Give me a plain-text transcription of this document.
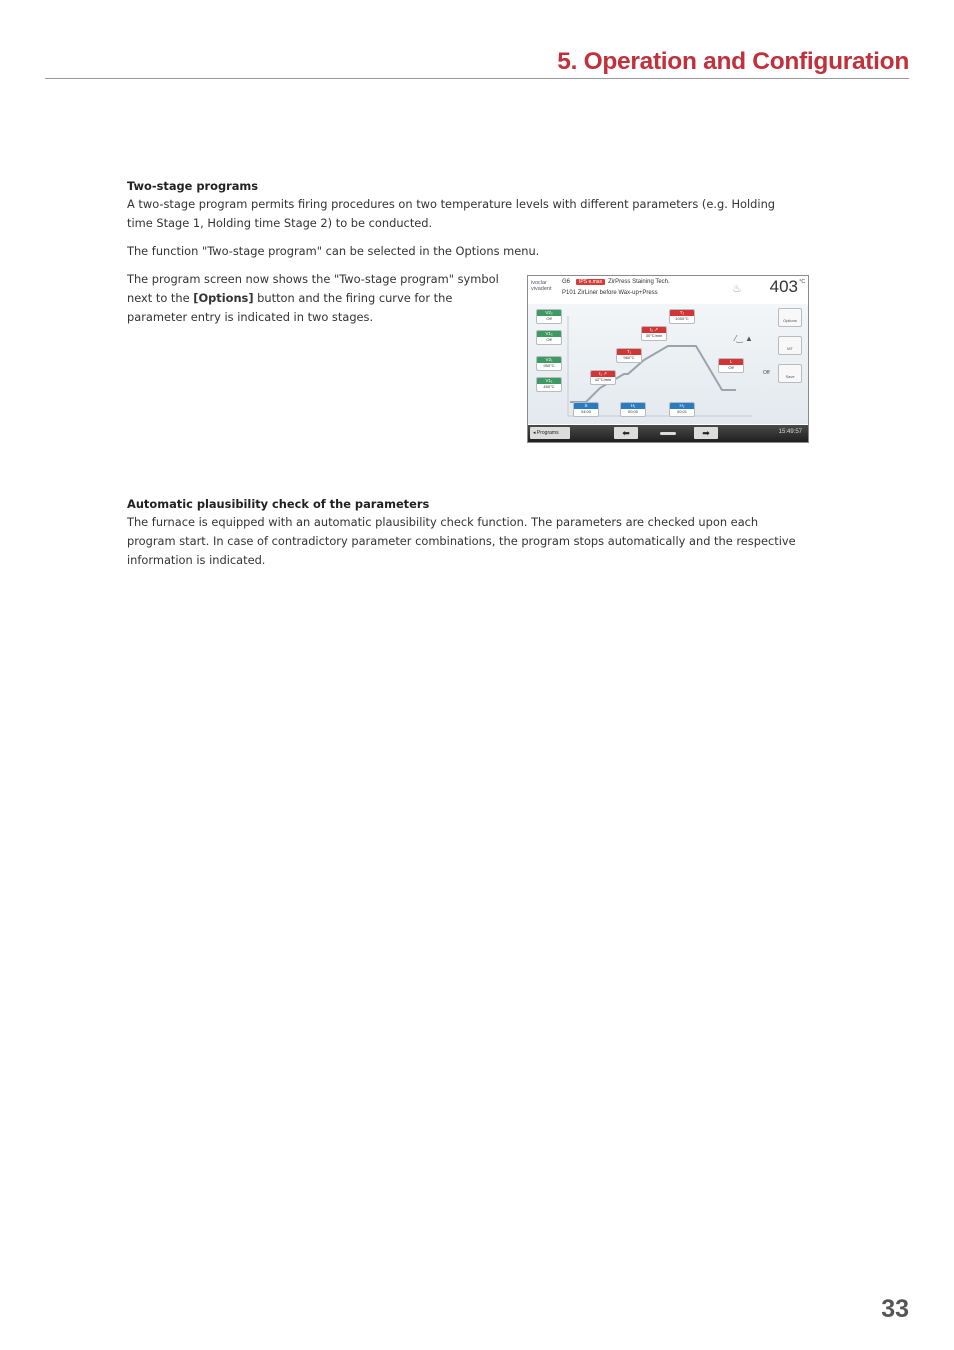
5. Operation and Configuration
Two-stage programs

A two-stage program permits firing procedures on two temperature levels with different parameters (e.g. Holding time Stage 1, Holding time Stage 2) to be conducted.

The function "Two-stage program" can be selected in the Options menu.

The program screen now shows the "Two-stage program" symbol next to the [Options] button and the firing curve for the parameter entry is indicated in two stages.

ivoclar vivadent
G6 IPS e.max ZirPress Staining Tech.
P101 ZirLiner before Wax-up+Press	♨ 403 °C
⁄‿ ▲
Off
V2₂
Off
V1₂
Off
V2₁
950°C
V1₁
450°C
t₁ ↗
42°C/min
T₁
960°C
t₂ ↗
30°C/min
T₂
1000°C
L
Off
S
04:00
H₁
00:00
H₂
00:01
Options
MT
Save
◂ Programs	⬅	➡	15:49:57
Automatic plausibility check of the parameters

The furnace is equipped with an automatic plausibility check function. The parameters are checked upon each program start. In case of contradictory parameter combinations, the program stops automatically and the respective information is indicated.

33
